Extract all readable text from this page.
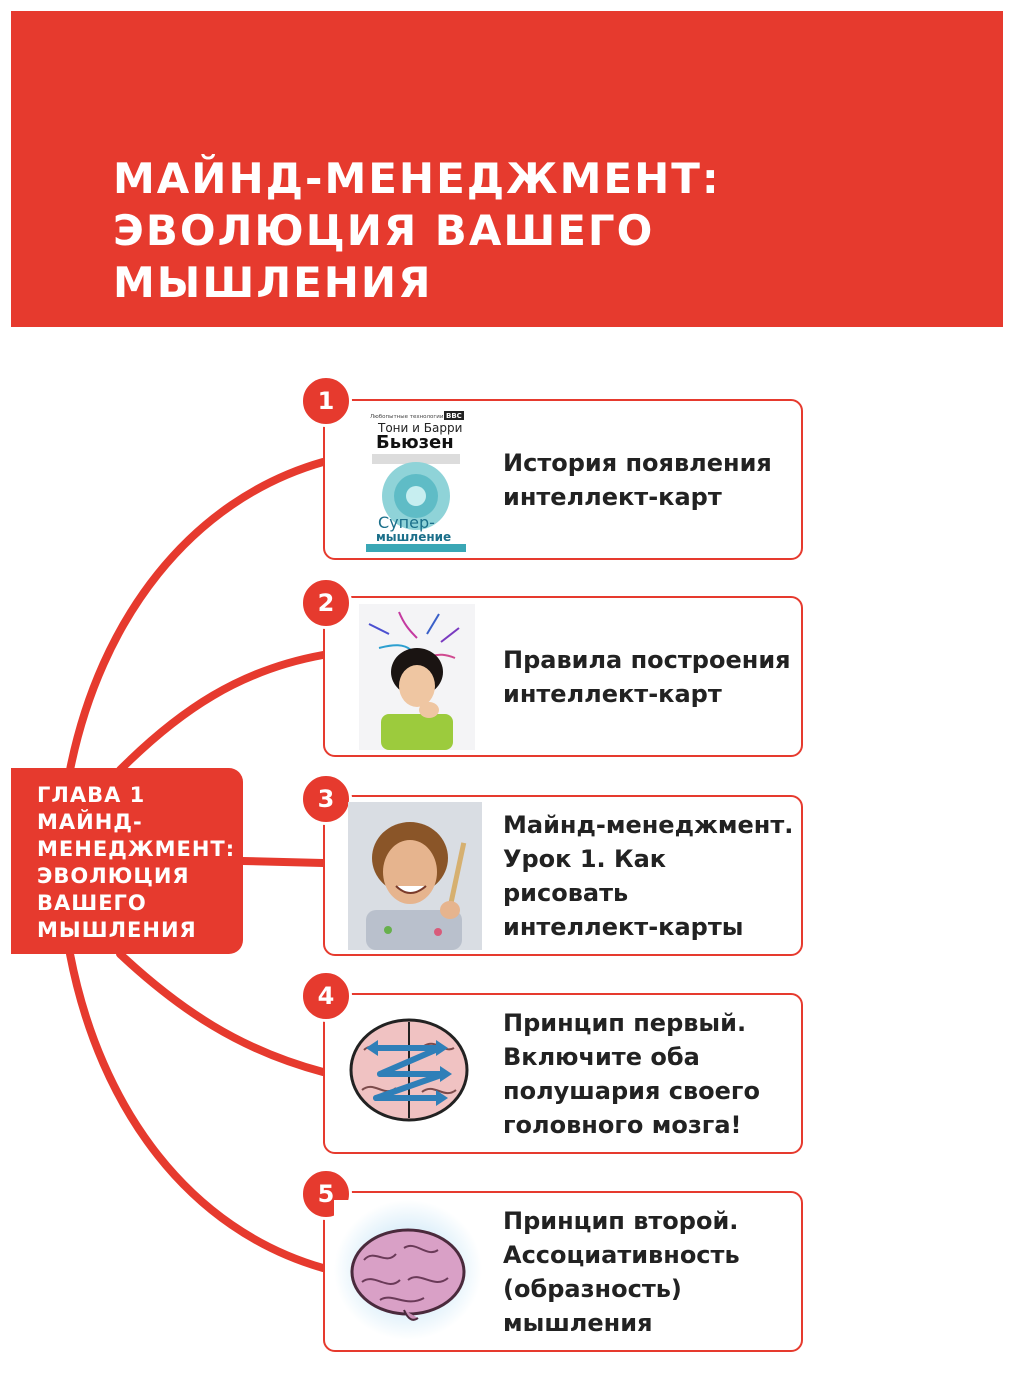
МАЙНД-МЕНЕДЖМЕНТ:
ЭВОЛЮЦИЯ ВАШЕГО
МЫШЛЕНИЯ

ГЛАВА 1
МАЙНД-
МЕНЕДЖМЕНТ:
ЭВОЛЮЦИЯ
ВАШЕГО
МЫШЛЕНИЯ

История появления
интеллект-карт

1
Любопытные технологии BBC
Тони и Барри
Бьюзен
Супер-
мышление

Правила построения
интеллект-карт

2

Майнд-менеджмент.
Урок 1. Как рисовать
интеллект-карты

3

Принцип первый.
Включите оба
полушария своего
головного мозга!

4

Принцип второй.
Ассоциативность
(образность)
мышления

5
